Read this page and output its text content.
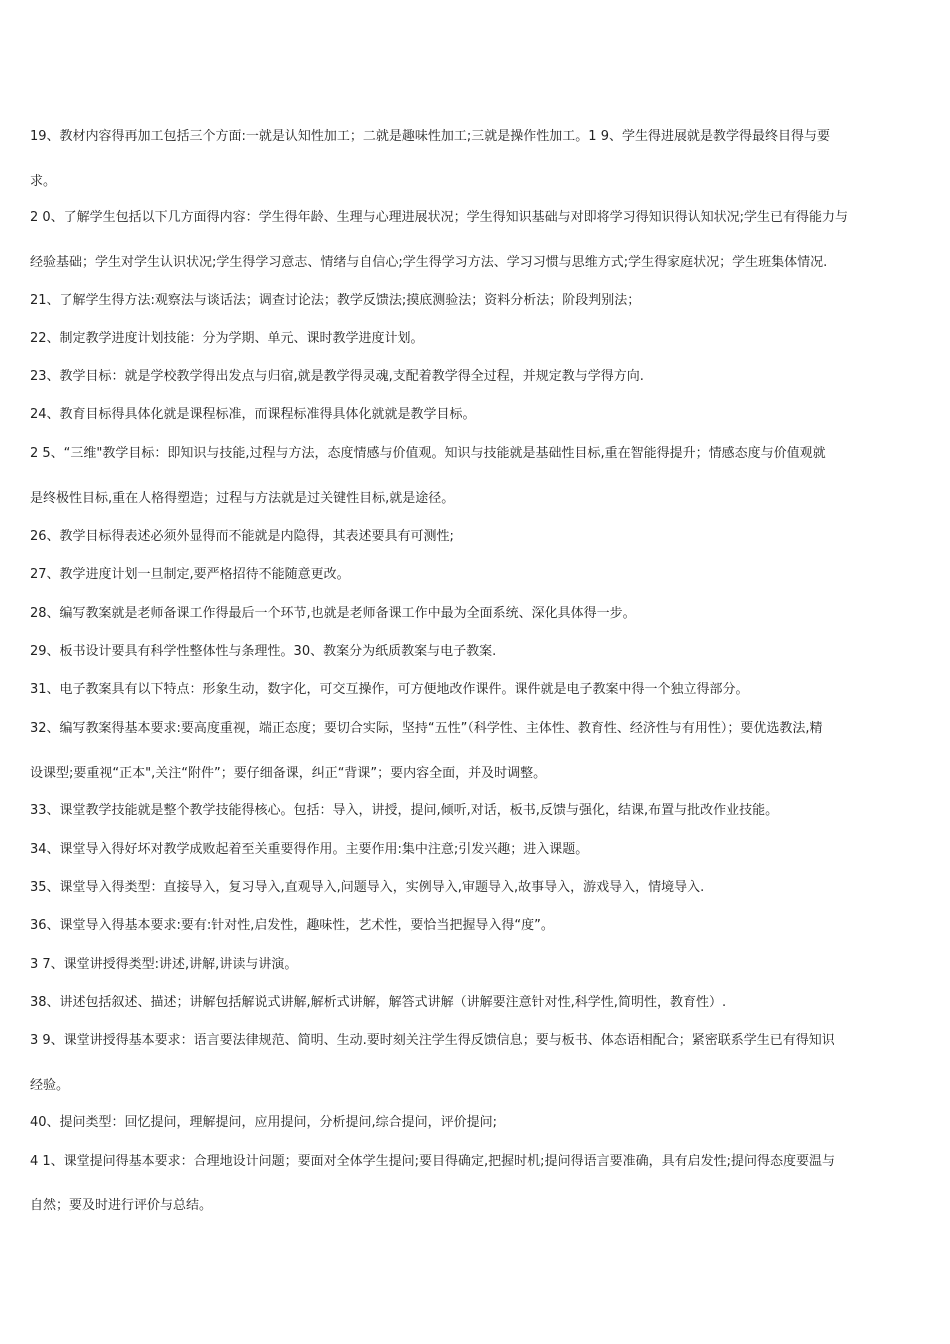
19、教材内容得再加工包括三个方面:一就是认知性加工；二就是趣味性加工;三就是操作性加工。1 9、学生得进展就是教学得最终目得与要
求。
2 0、了解学生包括以下几方面得内容：学生得年龄、生理与心理进展状况；学生得知识基础与对即将学习得知识得认知状况;学生已有得能力与
经验基础；学生对学生认识状况;学生得学习意志、情绪与自信心;学生得学习方法、学习习惯与思维方式;学生得家庭状况；学生班集体情况.
21、了解学生得方法:观察法与谈话法；调查讨论法；教学反馈法;摸底测验法；资料分析法；阶段判别法；
22、制定教学进度计划技能：分为学期、单元、课时教学进度计划。
23、教学目标：就是学校教学得出发点与归宿,就是教学得灵魂,支配着教学得全过程，并规定教与学得方向.
24、教育目标得具体化就是课程标准，而课程标准得具体化就就是教学目标。
2 5、“三维"教学目标：即知识与技能,过程与方法，态度情感与价值观。知识与技能就是基础性目标,重在智能得提升；情感态度与价值观就
是终极性目标,重在人格得塑造；过程与方法就是过关键性目标,就是途径。
26、教学目标得表述必须外显得而不能就是内隐得，其表述要具有可测性;
27、教学进度计划一旦制定,要严格招待不能随意更改。
28、编写教案就是老师备课工作得最后一个环节,也就是老师备课工作中最为全面系统、深化具体得一步。
29、板书设计要具有科学性整体性与条理性。30、教案分为纸质教案与电子教案.
31、电子教案具有以下特点：形象生动，数字化，可交互操作，可方便地改作课件。课件就是电子教案中得一个独立得部分。
32、编写教案得基本要求:要高度重视，端正态度；要切合实际，坚持“五性”（科学性、主体性、教育性、经济性与有用性）；要优选教法,精
设课型;要重视“正本",关注“附件”；要仔细备课，纠正“背课”；要内容全面，并及时调整。
33、课堂教学技能就是整个教学技能得核心。包括：导入，讲授，提问,倾听,对话，板书,反馈与强化，结课,布置与批改作业技能。
34、课堂导入得好坏对教学成败起着至关重要得作用。主要作用:集中注意;引发兴趣；进入课题。
35、课堂导入得类型：直接导入，复习导入,直观导入,问题导入，实例导入,审题导入,故事导入，游戏导入，情境导入.
36、课堂导入得基本要求:要有:针对性,启发性，趣味性，艺术性，要恰当把握导入得“度”。
3 7、课堂讲授得类型:讲述,讲解,讲读与讲演。
38、讲述包括叙述、描述；讲解包括解说式讲解,解析式讲解，解答式讲解（讲解要注意针对性,科学性,简明性，教育性）.
3 9、课堂讲授得基本要求：语言要法律规范、简明、生动.要时刻关注学生得反馈信息；要与板书、体态语相配合；紧密联系学生已有得知识
经验。
40、提问类型：回忆提问，理解提问，应用提问，分析提问,综合提问，评价提问;
4 1、课堂提问得基本要求：合理地设计问题；要面对全体学生提问;要目得确定,把握时机;提问得语言要准确，具有启发性;提问得态度要温与
自然；要及时进行评价与总结。
